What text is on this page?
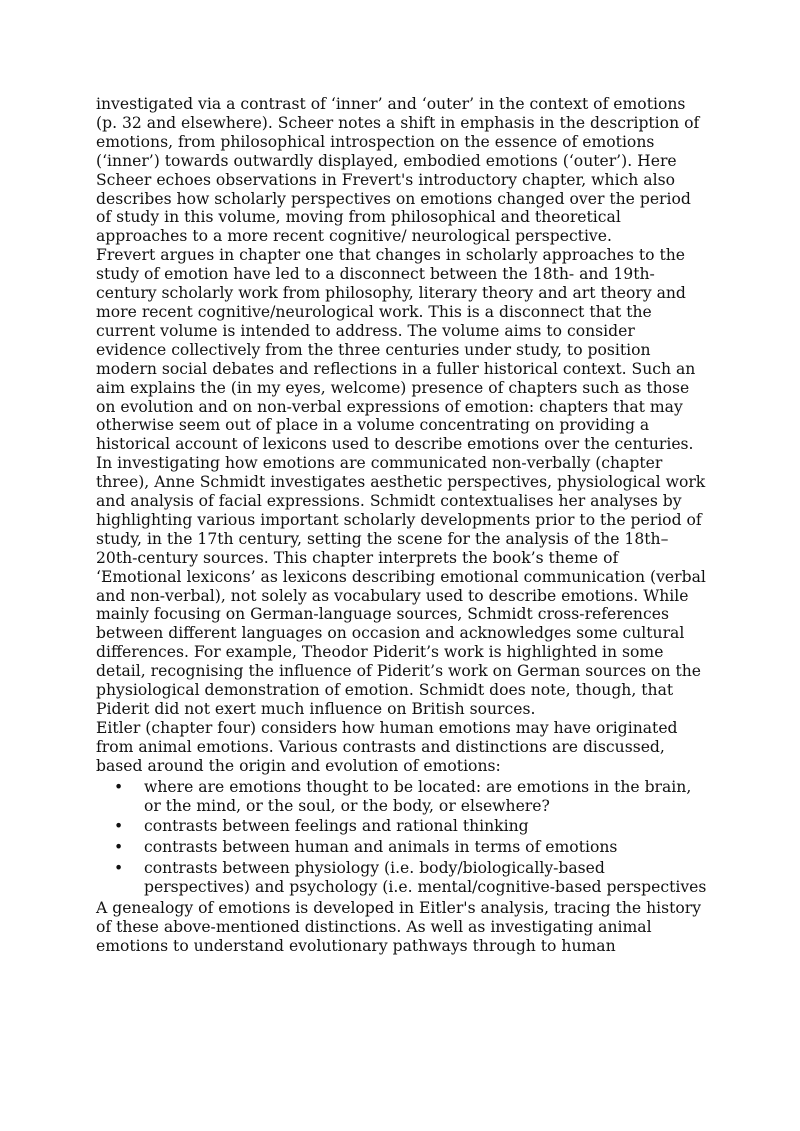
investigated via a contrast of ‘inner’ and ‘outer’ in the context of emotions (p. 32 and elsewhere). Scheer notes a shift in emphasis in the description of emotions, from philosophical introspection on the essence of emotions (‘inner’) towards outwardly displayed, embodied emotions (‘outer’). Here Scheer echoes observations in Frevert's introductory chapter, which also describes how scholarly perspectives on emotions changed over the period of study in this volume, moving from philosophical and theoretical approaches to a more recent cognitive/ neurological perspective.

Frevert argues in chapter one that changes in scholarly approaches to the study of emotion have led to a disconnect between the 18th- and 19th-century scholarly work from philosophy, literary theory and art theory and more recent cognitive/neurological work. This is a disconnect that the current volume is intended to address. The volume aims to consider evidence collectively from the three centuries under study, to position modern social debates and reflections in a fuller historical context. Such an aim explains the (in my eyes, welcome) presence of chapters such as those on evolution and on non-verbal expressions of emotion: chapters that may otherwise seem out of place in a volume concentrating on providing a historical account of lexicons used to describe emotions over the centuries.

In investigating how emotions are communicated non-verbally (chapter three), Anne Schmidt investigates aesthetic perspectives, physiological work and analysis of facial expressions. Schmidt contextualises her analyses by highlighting various important scholarly developments prior to the period of study, in the 17th century, setting the scene for the analysis of the 18th–20th-century sources. This chapter interprets the book’s theme of ‘Emotional lexicons’ as lexicons describing emotional communication (verbal and non-verbal), not solely as vocabulary used to describe emotions. While mainly focusing on German-language sources, Schmidt cross-references between different languages on occasion and acknowledges some cultural differences. For example, Theodor Piderit’s work is highlighted in some detail, recognising the influence of Piderit’s work on German sources on the physiological demonstration of emotion. Schmidt does note, though, that Piderit did not exert much influence on British sources.

Eitler (chapter four) considers how human emotions may have originated from animal emotions. Various contrasts and distinctions are discussed, based around the origin and evolution of emotions:

• where are emotions thought to be located: are emotions in the brain, or the mind, or the soul, or the body, or elsewhere?
• contrasts between feelings and rational thinking
• contrasts between human and animals in terms of emotions
• contrasts between physiology (i.e. body/biologically-based perspectives) and psychology (i.e. mental/cognitive-based perspectives

A genealogy of emotions is developed in Eitler's analysis, tracing the history of these above-mentioned distinctions. As well as investigating animal emotions to understand evolutionary pathways through to human
